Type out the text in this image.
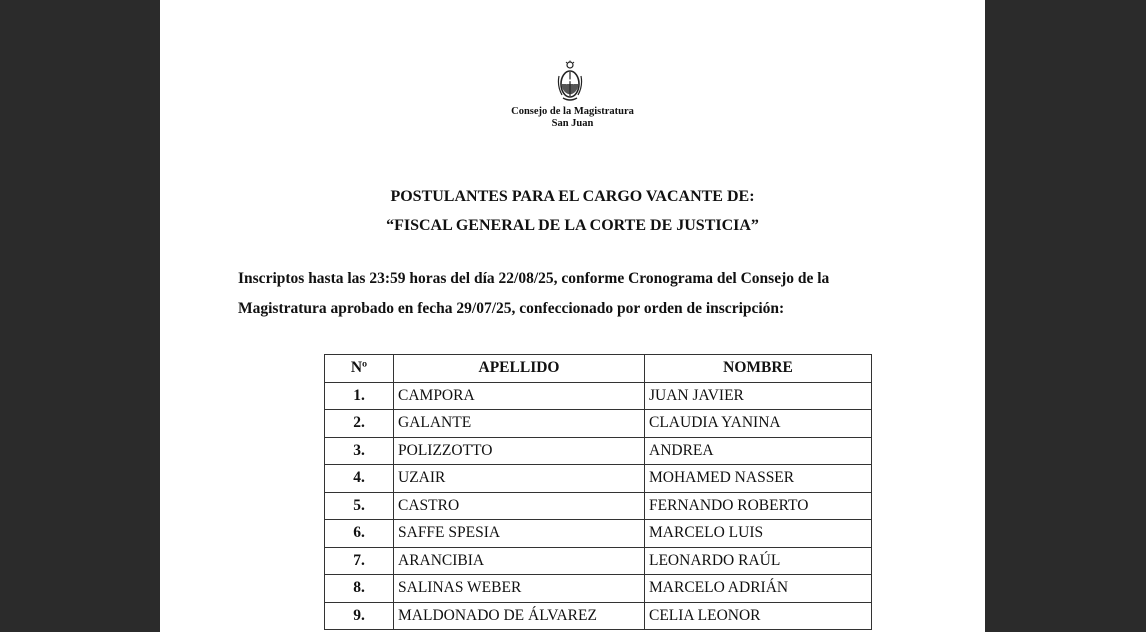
Consejo de la Magistratura
San Juan
POSTULANTES PARA EL CARGO VACANTE DE:
“FISCAL GENERAL DE LA CORTE DE JUSTICIA”
Inscriptos hasta las 23:59 horas del día 22/08/25, conforme Cronograma del Consejo de la
Magistratura aprobado en fecha 29/07/25, confeccionado por orden de inscripción:
Nº	APELLIDO	NOMBRE
1.	CAMPORA	JUAN JAVIER
2.	GALANTE	CLAUDIA YANINA
3.	POLIZZOTTO	ANDREA
4.	UZAIR	MOHAMED NASSER
5.	CASTRO	FERNANDO ROBERTO
6.	SAFFE SPESIA	MARCELO LUIS
7.	ARANCIBIA	LEONARDO RAÚL
8.	SALINAS WEBER	MARCELO ADRIÁN
9.	MALDONADO DE ÁLVAREZ	CELIA LEONOR
